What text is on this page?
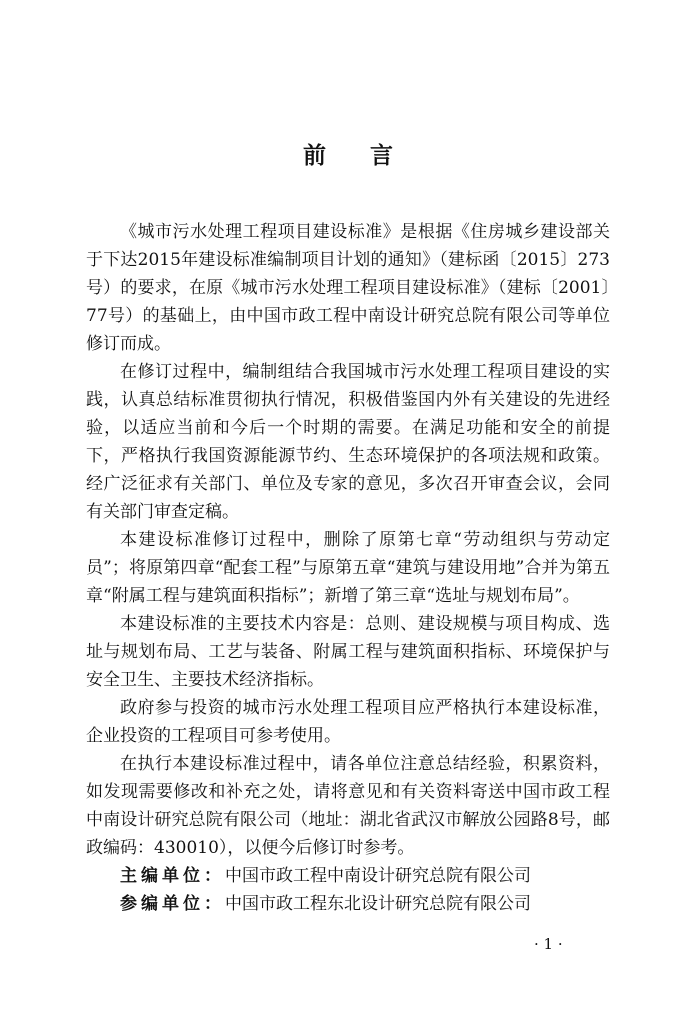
前言

《城市污水处理工程项目建设标准》是根据《住房城乡建设部关于下达2015年建设标准编制项目计划的通知》（建标函〔2015〕273号）的要求，在原《城市污水处理工程项目建设标准》（建标〔2001〕77号）的基础上，由中国市政工程中南设计研究总院有限公司等单位修订而成。

在修订过程中，编制组结合我国城市污水处理工程项目建设的实践，认真总结标准贯彻执行情况，积极借鉴国内外有关建设的先进经验，以适应当前和今后一个时期的需要。在满足功能和安全的前提下，严格执行我国资源能源节约、生态环境保护的各项法规和政策。经广泛征求有关部门、单位及专家的意见，多次召开审查会议，会同有关部门审查定稿。

本建设标准修订过程中，删除了原第七章“劳动组织与劳动定员”；将原第四章“配套工程”与原第五章“建筑与建设用地”合并为第五章“附属工程与建筑面积指标”；新增了第三章“选址与规划布局”。

本建设标准的主要技术内容是：总则、建设规模与项目构成、选址与规划布局、工艺与装备、附属工程与建筑面积指标、环境保护与安全卫生、主要技术经济指标。

政府参与投资的城市污水处理工程项目应严格执行本建设标准，企业投资的工程项目可参考使用。

在执行本建设标准过程中，请各单位注意总结经验，积累资料，如发现需要修改和补充之处，请将意见和有关资料寄送中国市政工程中南设计研究总院有限公司（地址：湖北省武汉市解放公园路8号，邮政编码：430010），以便今后修订时参考。

主编单位：中国市政工程中南设计研究总院有限公司

参编单位：中国市政工程东北设计研究总院有限公司

· 1 ·
